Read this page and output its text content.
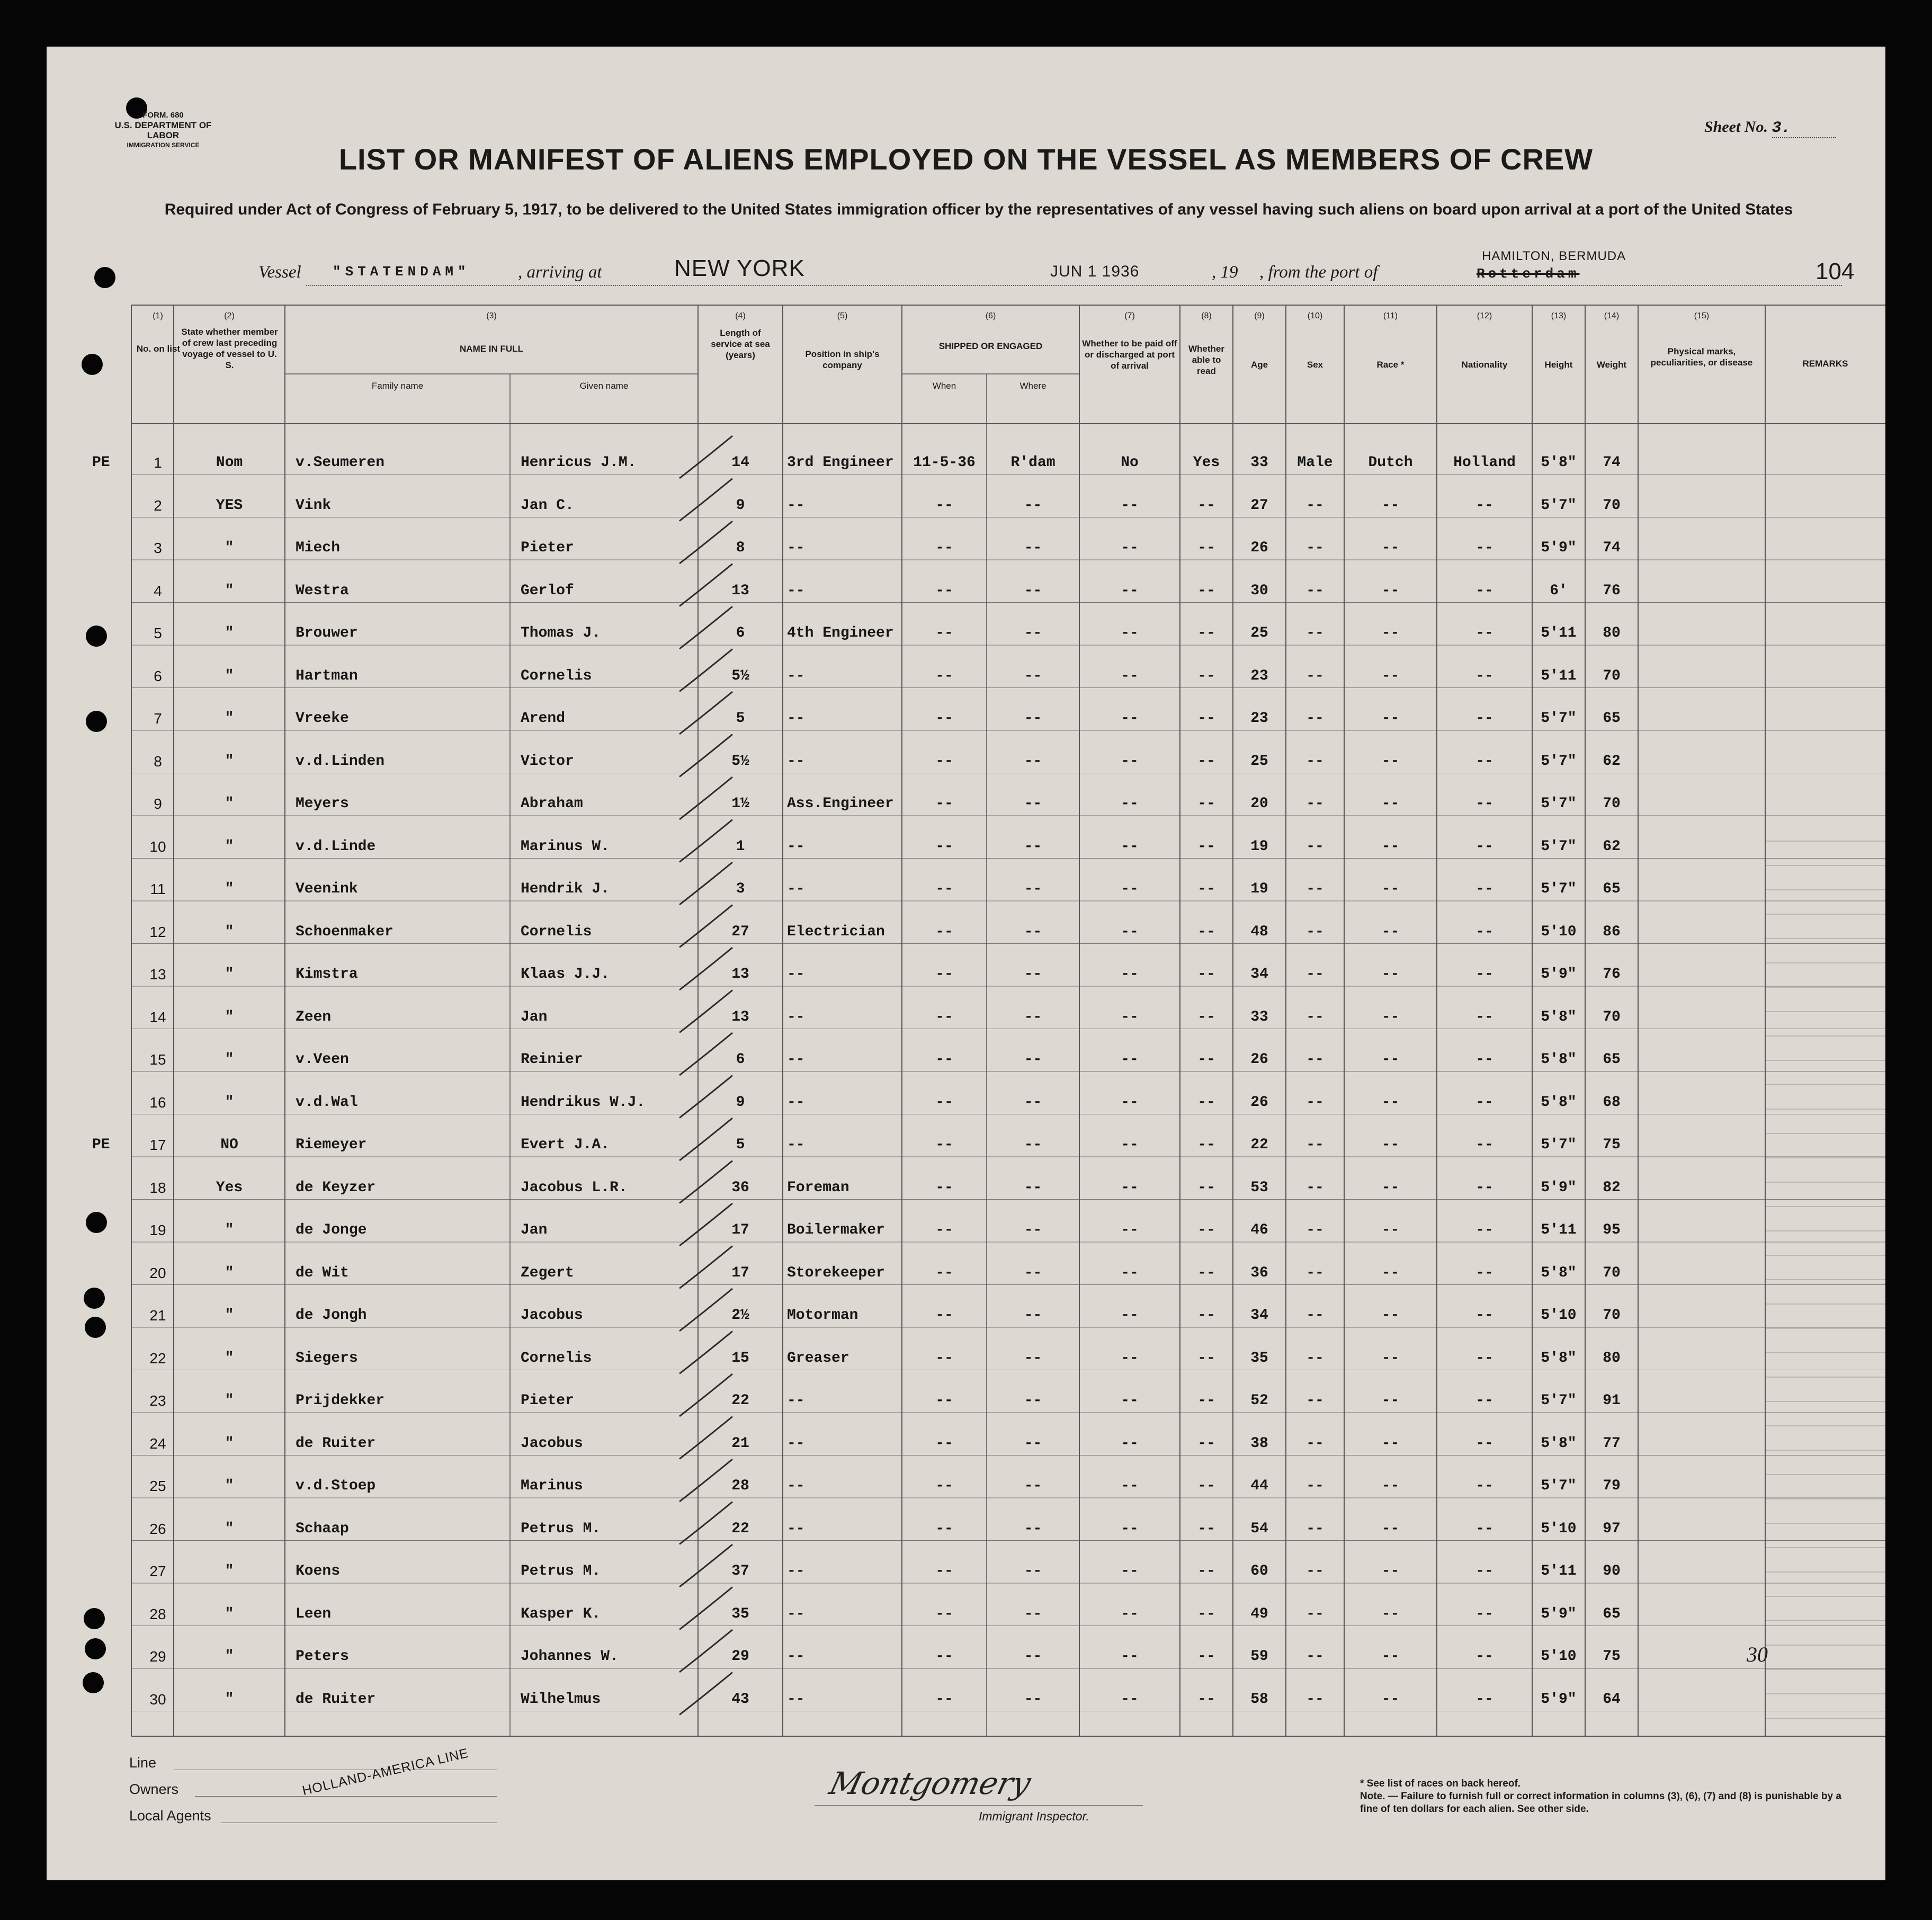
FORM. 680
U.S. DEPARTMENT OF LABOR
IMMIGRATION SERVICE
Sheet No. 3.
LIST OR MANIFEST OF ALIENS EMPLOYED ON THE VESSEL AS MEMBERS OF CREW
Required under Act of Congress of February 5, 1917, to be delivered to the United States immigration officer by the representatives of any vessel having such aliens on board upon arrival at a port of the United States
Vessel "STATENDAM"	, arriving at	NEW YORK	JUN 1 1936	, 19 , from the port of
HAMILTON, BERMUDA
Rotterdam	104
(1)
No. on list
(2)
State whether member of crew last preceding voyage of vessel to U. S.
(3)
NAME IN FULL
Family name	Given name
(4)
Length of service at sea (years)
(5)
Position in ship's company
(6)
SHIPPED OR ENGAGED
When	Where
(7)
Whether to be paid off or discharged at port of arrival
(8)
Whether able to read
(9)
Age
(10)
Sex
(11)
Race *
(12)
Nationality
(13)
Height
(14)
Weight
(15)
Physical marks, peculiarities, or disease	REMARKS
PE	1	Nom	v.Seumeren	Henricus J.M.	14	3rd Engineer	11-5-36	R'dam	No	Yes	33	Male	Dutch	Holland	5'8"	74
2	YES	Vink	Jan C.	9	--	--	--	--	--	27	--	--	--	5'7"	70
3	"	Miech	Pieter	8	--	--	--	--	--	26	--	--	--	5'9"	74
4	"	Westra	Gerlof	13	--	--	--	--	--	30	--	--	--	6'	76
5	"	Brouwer	Thomas J.	6	4th Engineer	--	--	--	--	25	--	--	--	5'11	80
6	"	Hartman	Cornelis	5½	--	--	--	--	--	23	--	--	--	5'11	70
7	"	Vreeke	Arend	5	--	--	--	--	--	23	--	--	--	5'7"	65
8	"	v.d.Linden	Victor	5½	--	--	--	--	--	25	--	--	--	5'7"	62
9	"	Meyers	Abraham	1½	Ass.Engineer	--	--	--	--	20	--	--	--	5'7"	70
10	"	v.d.Linde	Marinus W.	1	--	--	--	--	--	19	--	--	--	5'7"	62
11	"	Veenink	Hendrik J.	3	--	--	--	--	--	19	--	--	--	5'7"	65
12	"	Schoenmaker	Cornelis	27	Electrician	--	--	--	--	48	--	--	--	5'10	86
13	"	Kimstra	Klaas J.J.	13	--	--	--	--	--	34	--	--	--	5'9"	76
14	"	Zeen	Jan	13	--	--	--	--	--	33	--	--	--	5'8"	70
15	"	v.Veen	Reinier	6	--	--	--	--	--	26	--	--	--	5'8"	65
16	"	v.d.Wal	Hendrikus W.J.	9	--	--	--	--	--	26	--	--	--	5'8"	68
PE	17	NO	Riemeyer	Evert J.A.	5	--	--	--	--	--	22	--	--	--	5'7"	75
18	Yes	de Keyzer	Jacobus L.R.	36	Foreman	--	--	--	--	53	--	--	--	5'9"	82
19	"	de Jonge	Jan	17	Boilermaker	--	--	--	--	46	--	--	--	5'11	95
20	"	de Wit	Zegert	17	Storekeeper	--	--	--	--	36	--	--	--	5'8"	70
21	"	de Jongh	Jacobus	2½	Motorman	--	--	--	--	34	--	--	--	5'10	70
22	"	Siegers	Cornelis	15	Greaser	--	--	--	--	35	--	--	--	5'8"	80
23	"	Prijdekker	Pieter	22	--	--	--	--	--	52	--	--	--	5'7"	91
24	"	de Ruiter	Jacobus	21	--	--	--	--	--	38	--	--	--	5'8"	77
25	"	v.d.Stoep	Marinus	28	--	--	--	--	--	44	--	--	--	5'7"	79
26	"	Schaap	Petrus M.	22	--	--	--	--	--	54	--	--	--	5'10	97
27	"	Koens	Petrus M.	37	--	--	--	--	--	60	--	--	--	5'11	90
28	"	Leen	Kasper K.	35	--	--	--	--	--	49	--	--	--	5'9"	65
29	"	Peters	Johannes W.	29	--	--	--	--	--	59	--	--	--	5'10	75
30	"	de Ruiter	Wilhelmus	43	--	--	--	--	--	58	--	--	--	5'9"	64
30
Line
Owners
Local Agents
HOLLAND-AMERICA LINE	Montgomery
Immigrant Inspector.
* See list of races on back hereof.
Note. — Failure to furnish full or correct information in columns (3), (6), (7) and (8) is punishable by a fine of ten dollars for each alien. See other side.
